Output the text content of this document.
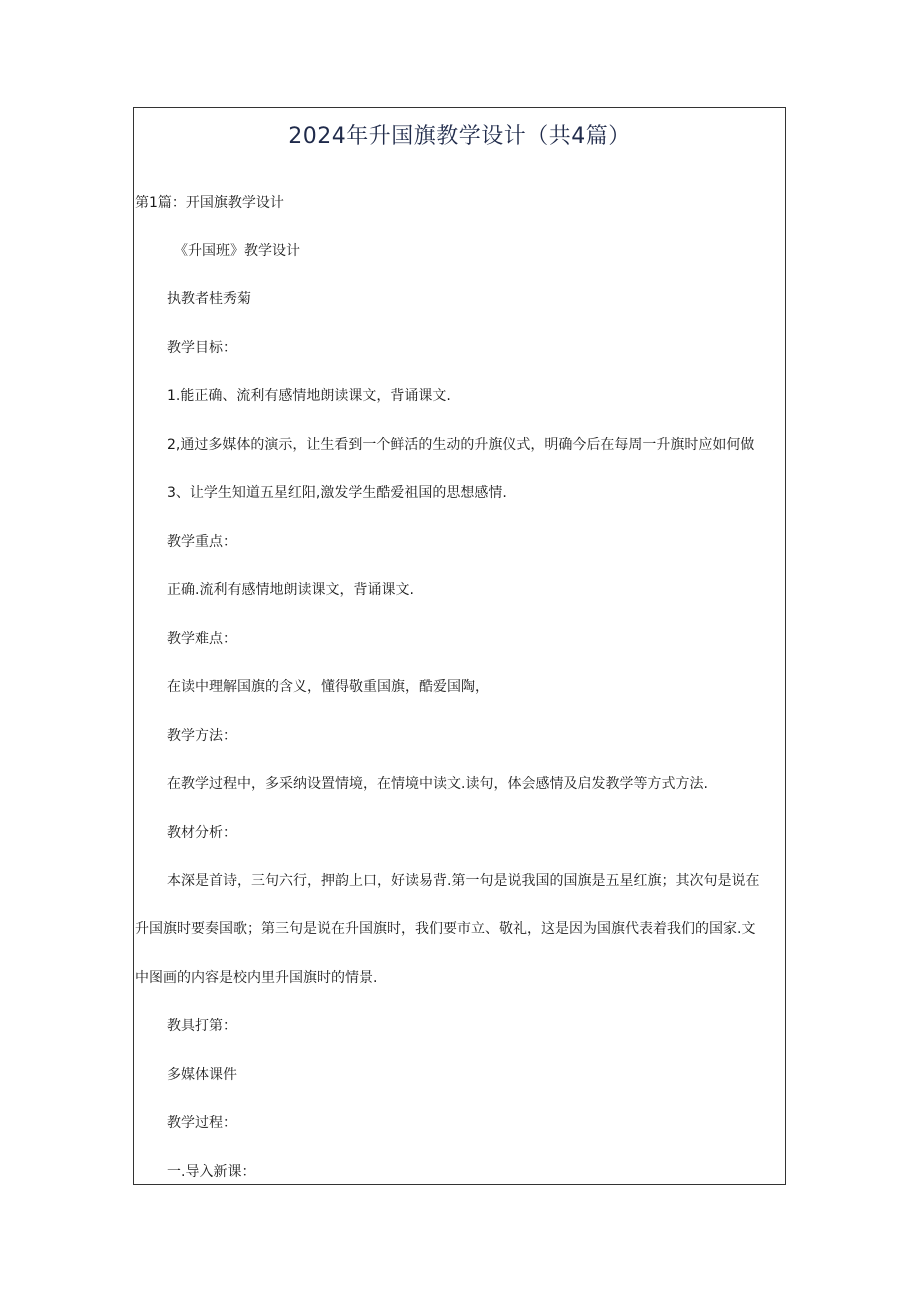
2024年升国旗教学设计（共4篇）
第1篇：开国旗教学设计
《升国班》教学设计
执教者桂秀菊
教学目标：
1.能正确、流利有感情地朗读课文，背诵课文.
2,通过多媒体的演示，让生看到一个鲜活的生动的升旗仪式，明确今后在每周一升旗时应如何做
3、让学生知道五星红阳,激发学生酷爱祖国的思想感情.
教学重点：
正确.流利有感情地朗读课文，背诵课文.
教学难点：
在读中理解国旗的含义，懂得敬重国旗，酷爱国陶，
教学方法：
在教学过程中，多采纳设置情境，在情境中读文.读句，体会感情及启发教学等方式方法.
教材分析：
本深是首诗，三句六行，押韵上口，好读易背.第一句是说我国的国旗是五星红旗；其次句是说在
升国旗时要奏国歌；第三句是说在升国旗时，我们要市立、敬礼，这是因为国旗代表着我们的国家.文
中图画的内容是校内里升国旗时的情景.
教具打第：
多媒体课件
教学过程：
一.导入新课：
